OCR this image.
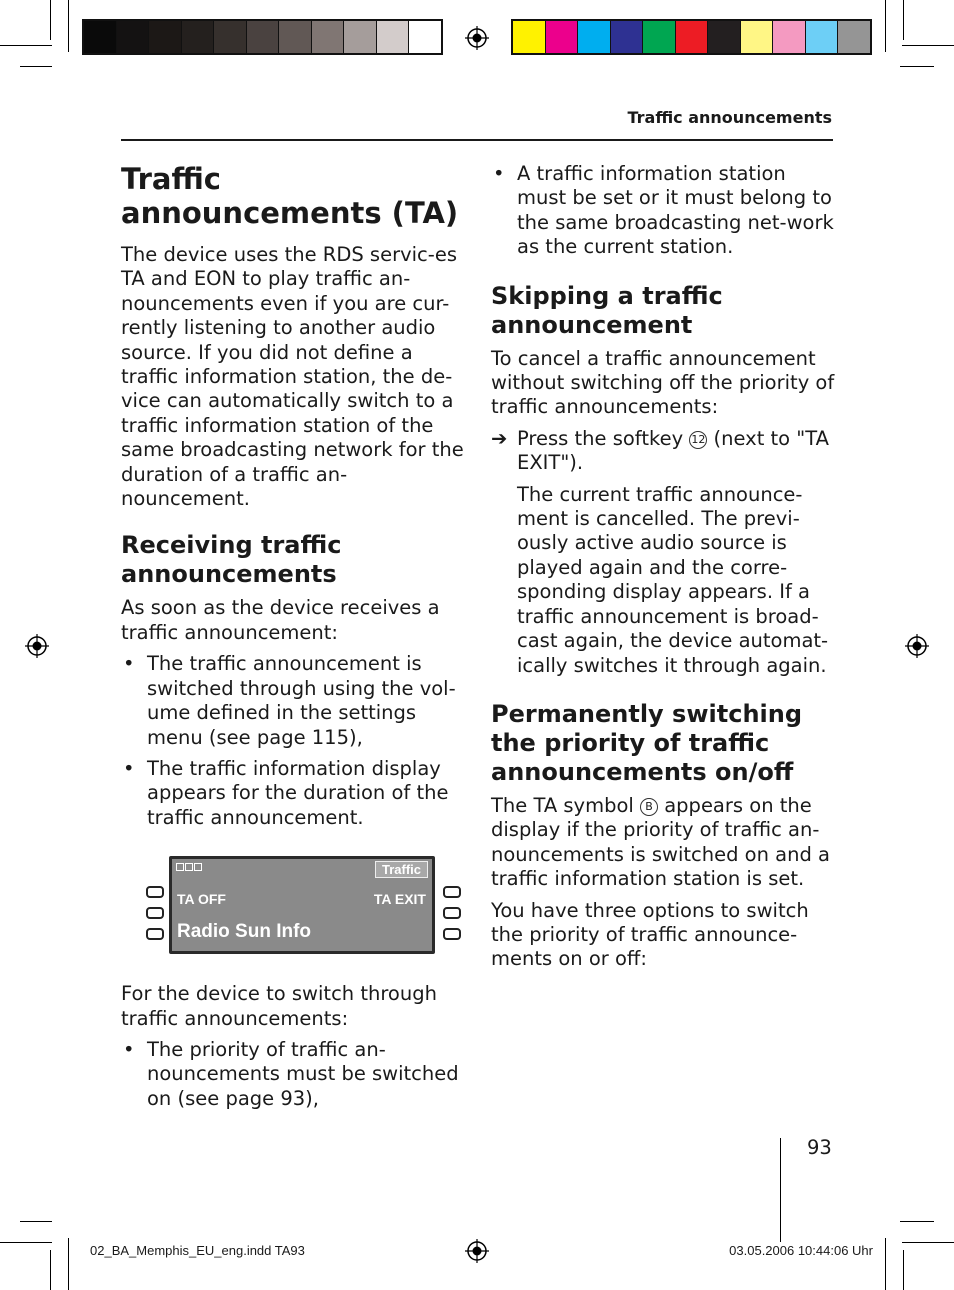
Traffic announcements
Traffic announcements (TA)

The device uses the RDS servic-es TA and EON to play traffic an-nouncements even if you are cur-rently listening to another audio source. If you did not define a traffic information station, the de-vice can automatically switch to a traffic information station of the same broadcasting network for the duration of a traffic an-nouncement.

Receiving traffic announcements

As soon as the device receives a traffic announcement:

• The traffic announcement is switched through using the vol-ume defined in the settings menu (see page 115),
• The traffic information display appears for the duration of the traffic announcement.
Traffic
TA OFF	TA EXIT
Radio Sun Info

For the device to switch through traffic announcements:

• The priority of traffic an-nouncements must be switched on (see page 93),
• A traffic information station must be set or it must belong to the same broadcasting net-work as the current station.
Skipping a traffic announcement

To cancel a traffic announcement without switching off the priority of traffic announcements:

➔ Press the softkey 12 (next to "TA EXIT").

The current traffic announce-ment is cancelled. The previ-ously active audio source is played again and the corre-sponding display appears. If a traffic announcement is broad-cast again, the device automat-ically switches it through again.

Permanently switching the priority of traffic announcements on/off

The TA symbol B appears on the display if the priority of traffic an-nouncements is switched on and a traffic information station is set.

You have three options to switch the priority of traffic announce-ments on or off:

93
02_BA_Memphis_EU_eng.indd TA93	03.05.2006 10:44:06 Uhr
